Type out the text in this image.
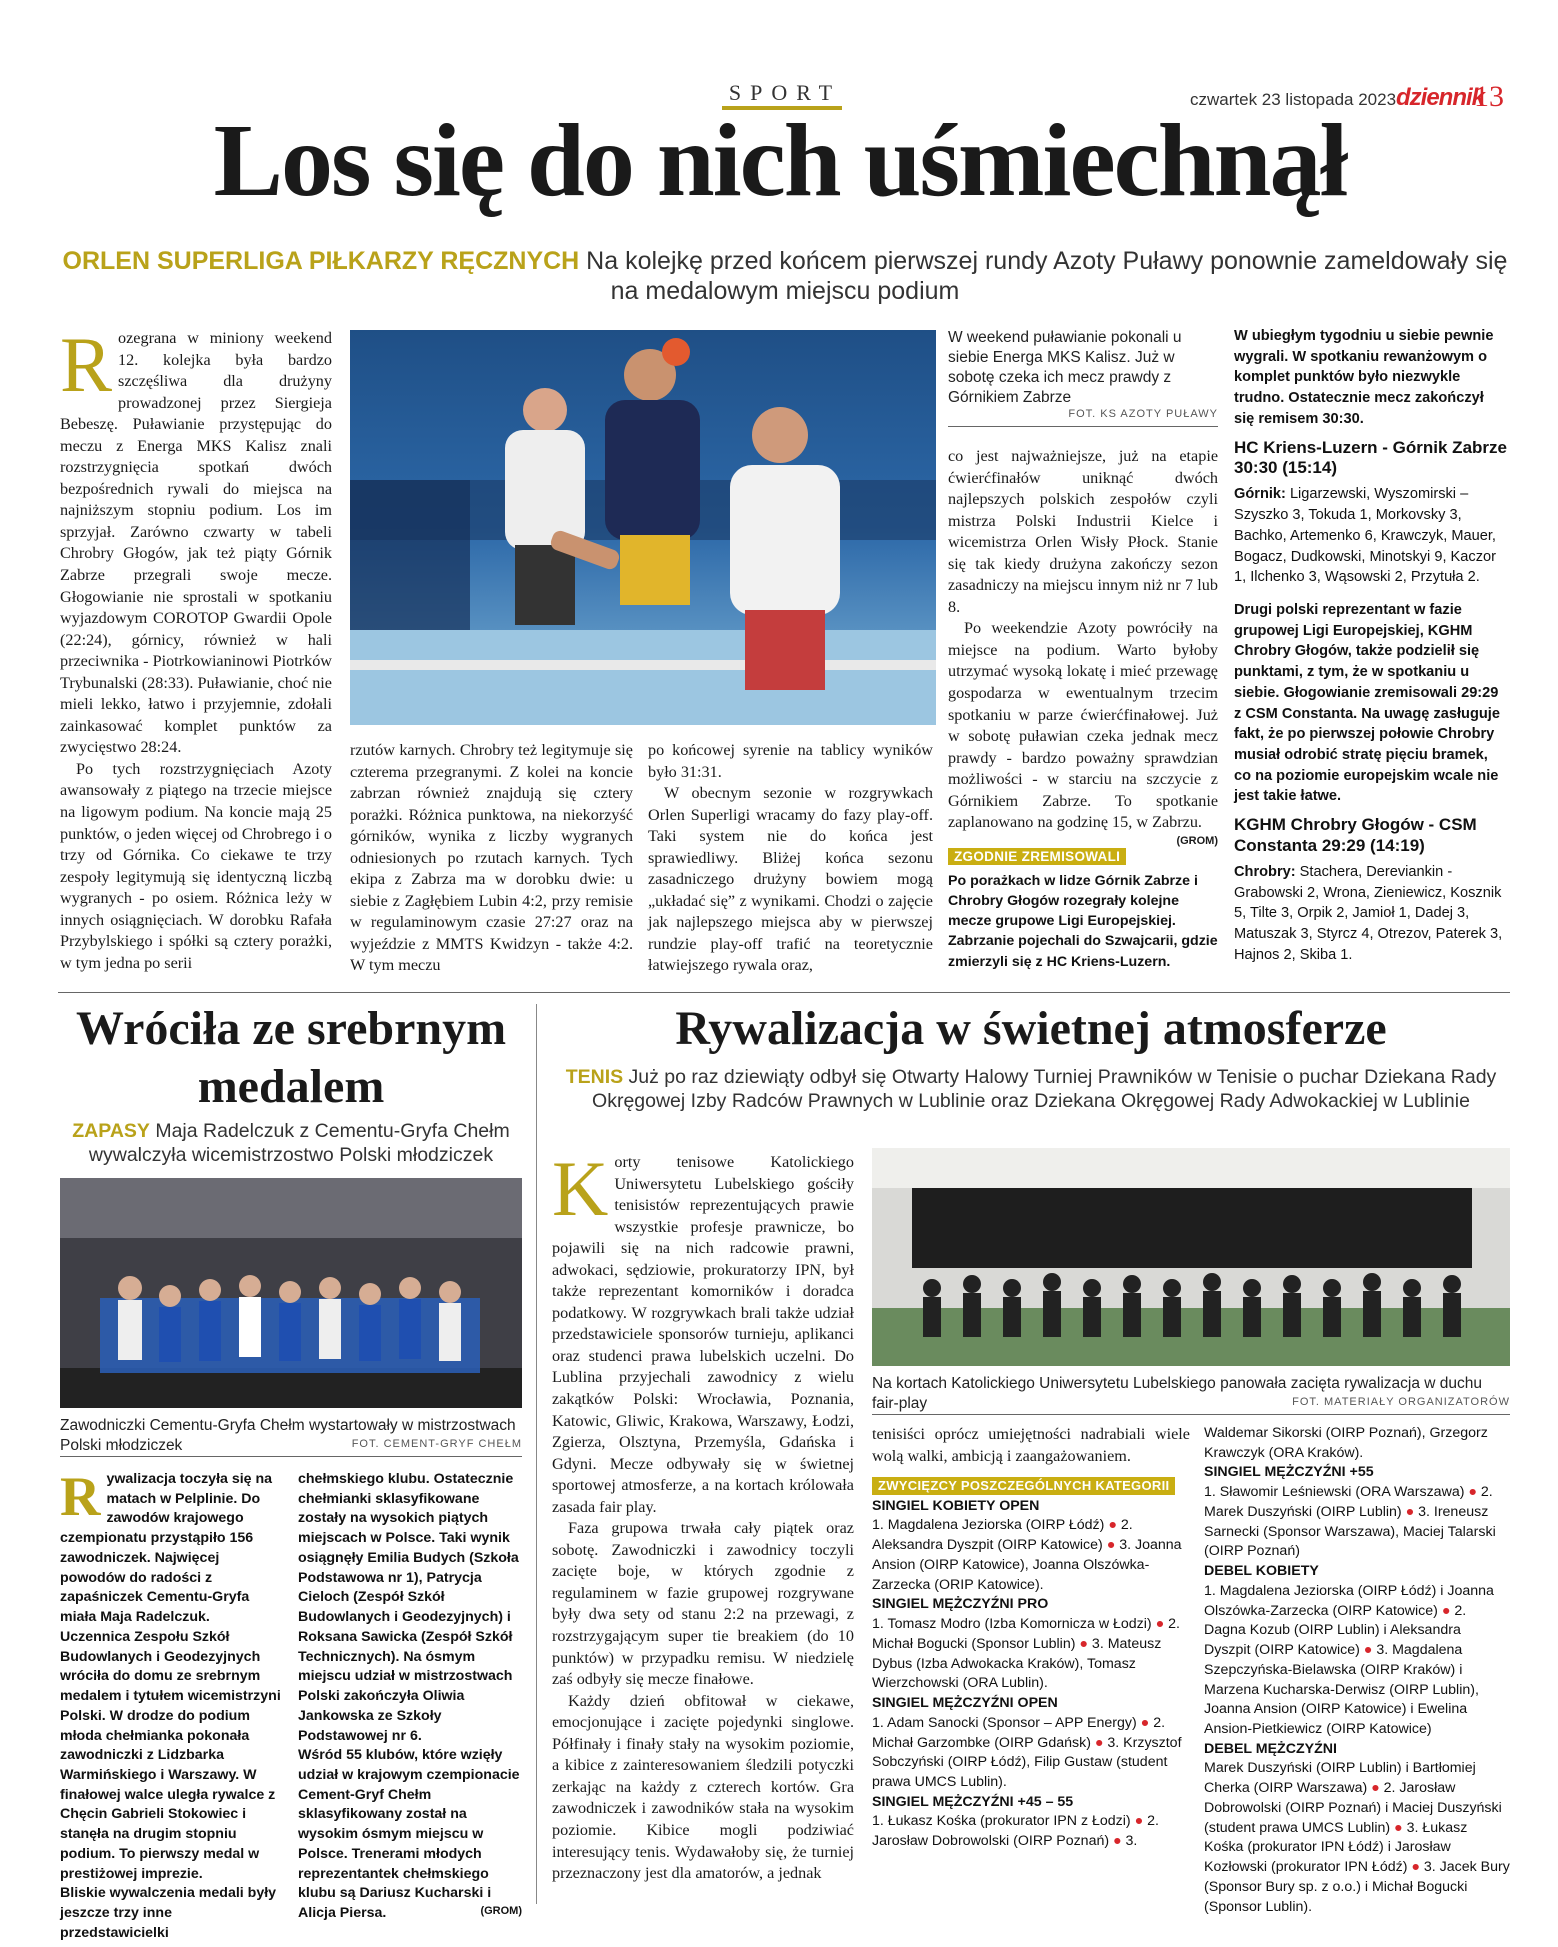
SPORT	czwartek 23 listopada 2023 dziennik
13
Los się do nich uśmiechnął
ORLEN SUPERLIGA PIŁKARZY RĘCZNYCH Na kolejkę przed końcem pierwszej rundy Azoty Puławy ponownie zameldowały się na medalowym miejscu podium

Rozegrana w miniony weekend 12. kolejka była bardzo szczęśliwa dla drużyny prowadzonej przez Siergieja Bebeszę. Puławianie przystępując do meczu z Energa MKS Kalisz znali rozstrzygnięcia spotkań dwóch bezpośrednich rywali do miejsca na najniższym stopniu podium. Los im sprzyjał. Zarówno czwarty w tabeli Chrobry Głogów, jak też piąty Górnik Zabrze przegrali swoje mecze. Głogowianie nie sprostali w spotkaniu wyjazdowym COROTOP Gwardii Opole (22:24), górnicy, również w hali przeciwnika - Piotrkowianinowi Piotrków Trybunalski (28:33). Puławianie, choć nie mieli lekko, łatwo i przyjemnie, zdołali zainkasować komplet punktów za zwycięstwo 28:24.

Po tych rozstrzygnięciach Azoty awansowały z piątego na trzecie miejsce na ligowym podium. Na koncie mają 25 punktów, o jeden więcej od Chrobrego i o trzy od Górnika. Co ciekawe te trzy zespoły legitymują się identyczną liczbą wygranych - po osiem. Różnica leży w innych osiągnięciach. W dorobku Rafała Przybylskiego i spółki są cztery porażki, w tym jedna po serii

rzutów karnych. Chrobry też legitymuje się czterema przegranymi. Z kolei na koncie zabrzan również znajdują się cztery porażki. Różnica punktowa, na niekorzyść górników, wynika z liczby wygranych odniesionych po rzutach karnych. Tych ekipa z Zabrza ma w dorobku dwie: u siebie z Zagłębiem Lubin 4:2, przy remisie w regulaminowym czasie 27:27 oraz na wyjeździe z MMTS Kwidzyn - także 4:2. W tym meczu

po końcowej syrenie na tablicy wyników było 31:31.

W obecnym sezonie w rozgrywkach Orlen Superligi wracamy do fazy play-off. Taki system nie do końca jest sprawiedliwy. Bliżej końca sezonu zasadniczego drużyny bowiem mogą „układać się” z wynikami. Chodzi o zajęcie jak najlepszego miejsca aby w pierwszej rundzie play-off trafić na teoretycznie łatwiejszego rywala oraz,

W weekend puławianie pokonali u siebie Energa MKS Kalisz. Już w sobotę czeka ich mecz prawdy z Górnikiem Zabrze
FOT. KS AZOTY PUŁAWY

co jest najważniejsze, już na etapie ćwierćfinałów uniknąć dwóch najlepszych polskich zespołów czyli mistrza Polski Industrii Kielce i wicemistrza Orlen Wisły Płock. Stanie się tak kiedy drużyna zakończy sezon zasadniczy na miejscu innym niż nr 7 lub 8.

Po weekendzie Azoty powróciły na miejsce na podium. Warto byłoby utrzymać wysoką lokatę i mieć przewagę gospodarza w ewentualnym trzecim spotkaniu w parze ćwierćfinałowej. Już w sobotę puławian czeka jednak mecz prawdy - bardzo poważny sprawdzian możliwości - w starciu na szczycie z Górnikiem Zabrze. To spotkanie zaplanowano na godzinę 15, w Zabrzu.
(GROM)

ZGODNIE ZREMISOWALI
Po porażkach w lidze Górnik Zabrze i Chrobry Głogów rozegrały kolejne mecze grupowe Ligi Europejskiej. Zabrzanie pojechali do Szwajcarii, gdzie zmierzyli się z HC Kriens-Luzern.
W ubiegłym tygodniu u siebie pewnie wygrali. W spotkaniu rewanżowym o komplet punktów było niezwykle trudno. Ostatecznie mecz zakończył się remisem 30:30.
HC Kriens-Luzern - Górnik Zabrze 30:30 (15:14)
Górnik: Ligarzewski, Wyszomirski – Szyszko 3, Tokuda 1, Morkovsky 3, Bachko, Artemenko 6, Krawczyk, Mauer, Bogacz, Dudkowski, Minotskyi 9, Kaczor 1, Ilchenko 3, Wąsowski 2, Przytuła 2.
Drugi polski reprezentant w fazie grupowej Ligi Europejskiej, KGHM Chrobry Głogów, także podzielił się punktami, z tym, że w spotkaniu u siebie. Głogowianie zremisowali 29:29 z CSM Constanta. Na uwagę zasługuje fakt, że po pierwszej połowie Chrobry musiał odrobić stratę pięciu bramek, co na poziomie europejskim wcale nie jest takie łatwe.
KGHM Chrobry Głogów - CSM Constanta 29:29 (14:19)
Chrobry: Stachera, Dereviankin - Grabowski 2, Wrona, Zieniewicz, Kosznik 5, Tilte 3, Orpik 2, Jamioł 1, Dadej 3, Matuszak 3, Styrcz 4, Otrezov, Paterek 3, Hajnos 2, Skiba 1.
Wróciła ze srebrnym medalem
ZAPASY Maja Radelczuk z Cementu-Gryfa Chełm wywalczyła wicemistrzostwo Polski młodziczek
Zawodniczki Cementu-Gryfa Chełm wystartowały w mistrzostwach Polski młodziczek	FOT. CEMENT-GRYF CHEŁM
Rywalizacja toczyła się na matach w Pelplinie. Do zawodów krajowego czempionatu przystąpiło 156 zawodniczek. Najwięcej powodów do radości z zapaśniczek Cementu-Gryfa miała Maja Radelczuk. Uczennica Zespołu Szkół Budowlanych i Geodezyjnych wróciła do domu ze srebrnym medalem i tytułem wicemistrzyni Polski. W drodze do podium młoda chełmianka pokonała zawodniczki z Lidzbarka Warmińskiego i Warszawy. W finałowej walce uległa rywalce z Chęcin Gabrieli Stokowiec i stanęła na drugim stopniu podium. To pierwszy medal w prestiżowej imprezie.
Bliskie wywalczenia medali były jeszcze trzy inne przedstawicielki
chełmskiego klubu. Ostatecznie chełmianki sklasyfikowane zostały na wysokich piątych miejscach w Polsce. Taki wynik osiągnęły Emilia Budych (Szkoła Podstawowa nr 1), Patrycja Cieloch (Zespół Szkół Budowlanych i Geodezyjnych) i Roksana Sawicka (Zespół Szkół Technicznych). Na ósmym miejscu udział w mistrzostwach Polski zakończyła Oliwia Jankowska ze Szkoły Podstawowej nr 6.
Wśród 55 klubów, które wzięły udział w krajowym czempionacie Cement-Gryf Chełm sklasyfikowany został na wysokim ósmym miejscu w Polsce. Trenerami młodych reprezentantek chełmskiego klubu są Dariusz Kucharski i Alicja Piersa.	(GROM)
Rywalizacja w świetnej atmosferze
TENIS Już po raz dziewiąty odbył się Otwarty Halowy Turniej Prawników w Tenisie o puchar Dziekana Rady Okręgowej Izby Radców Prawnych w Lublinie oraz Dziekana Okręgowej Rady Adwokackiej w Lublinie

Korty tenisowe Katolickiego Uniwersytetu Lubelskiego gościły tenisistów reprezentujących prawie wszystkie profesje prawnicze, bo pojawili się na nich radcowie prawni, adwokaci, sędziowie, prokuratorzy IPN, był także reprezentant komorników i doradca podatkowy. W rozgrywkach brali także udział przedstawiciele sponsorów turnieju, aplikanci oraz studenci prawa lubelskich uczelni. Do Lublina przyjechali zawodnicy z wielu zakątków Polski: Wrocławia, Poznania, Katowic, Gliwic, Krakowa, Warszawy, Łodzi, Zgierza, Olsztyna, Przemyśla, Gdańska i Gdyni. Mecze odbywały się w świetnej sportowej atmosferze, a na kortach królowała zasada fair play.

Faza grupowa trwała cały piątek oraz sobotę. Zawodniczki i zawodnicy toczyli zacięte boje, w których zgodnie z regulaminem w fazie grupowej rozgrywane były dwa sety od stanu 2:2 na przewagi, z rozstrzygającym super tie breakiem (do 10 punktów) w przypadku remisu. W niedzielę zaś odbyły się mecze finałowe.

Każdy dzień obfitował w ciekawe, emocjonujące i zacięte pojedynki singlowe. Półfinały i finały stały na wysokim poziomie, a kibice z zainteresowaniem śledzili potyczki zerkając na każdy z czterech kortów. Gra zawodniczek i zawodników stała na wysokim poziomie. Kibice mogli podziwiać interesujący tenis. Wydawałoby się, że turniej przeznaczony jest dla amatorów, a jednak

Na kortach Katolickiego Uniwersytetu Lubelskiego panowała zacięta rywalizacja w duchu fair-play	FOT. MATERIAŁY ORGANIZATORÓW
tenisiści oprócz umiejętności nadrabiali wiele wolą walki, ambicją i zaangażowaniem.
ZWYCIĘZCY POSZCZEGÓLNYCH KATEGORII
SINGIEL KOBIETY OPEN
1. Magdalena Jeziorska (OIRP Łódź) ● 2. Aleksandra Dyszpit (OIRP Katowice) ● 3. Joanna Ansion (OIRP Katowice), Joanna Olszówka-Zarzecka (ORIP Katowice).
SINGIEL MĘŻCZYŹNI PRO
1. Tomasz Modro (Izba Komornicza w Łodzi) ● 2. Michał Bogucki (Sponsor Lublin) ● 3. Mateusz Dybus (Izba Adwokacka Kraków), Tomasz Wierzchowski (ORA Lublin).
SINGIEL MĘŻCZYŹNI OPEN
1. Adam Sanocki (Sponsor – APP Energy) ● 2. Michał Garzombke (OIRP Gdańsk) ● 3. Krzysztof Sobczyński (OIRP Łódź), Filip Gustaw (student prawa UMCS Lublin).
SINGIEL MĘŻCZYŹNI +45 – 55
1. Łukasz Kośka (prokurator IPN z Łodzi) ● 2. Jarosław Dobrowolski (OIRP Poznań) ● 3.
Waldemar Sikorski (OIRP Poznań), Grzegorz Krawczyk (ORA Kraków).
SINGIEL MĘŻCZYŹNI +55
1. Sławomir Leśniewski (ORA Warszawa) ● 2. Marek Duszyński (OIRP Lublin) ● 3. Ireneusz Sarnecki (Sponsor Warszawa), Maciej Talarski (OIRP Poznań)
DEBEL KOBIETY
1. Magdalena Jeziorska (OIRP Łódź) i Joanna Olszówka-Zarzecka (OIRP Katowice) ● 2. Dagna Kozub (OIRP Lublin) i Aleksandra Dyszpit (OIRP Katowice) ● 3. Magdalena Szepczyńska-Bielawska (OIRP Kraków) i Marzena Kucharska-Derwisz (OIRP Lublin), Joanna Ansion (OIRP Katowice) i Ewelina Ansion-Pietkiewicz (OIRP Katowice)
DEBEL MĘŻCZYŹNI
Marek Duszyński (OIRP Lublin) i Bartłomiej Cherka (OIRP Warszawa) ● 2. Jarosław Dobrowolski (OIRP Poznań) i Maciej Duszyński (student prawa UMCS Lublin) ● 3. Łukasz Kośka (prokurator IPN Łódź) i Jarosław Kozłowski (prokurator IPN Łódź) ● 3. Jacek Bury (Sponsor Bury sp. z o.o.) i Michał Bogucki (Sponsor Lublin).
